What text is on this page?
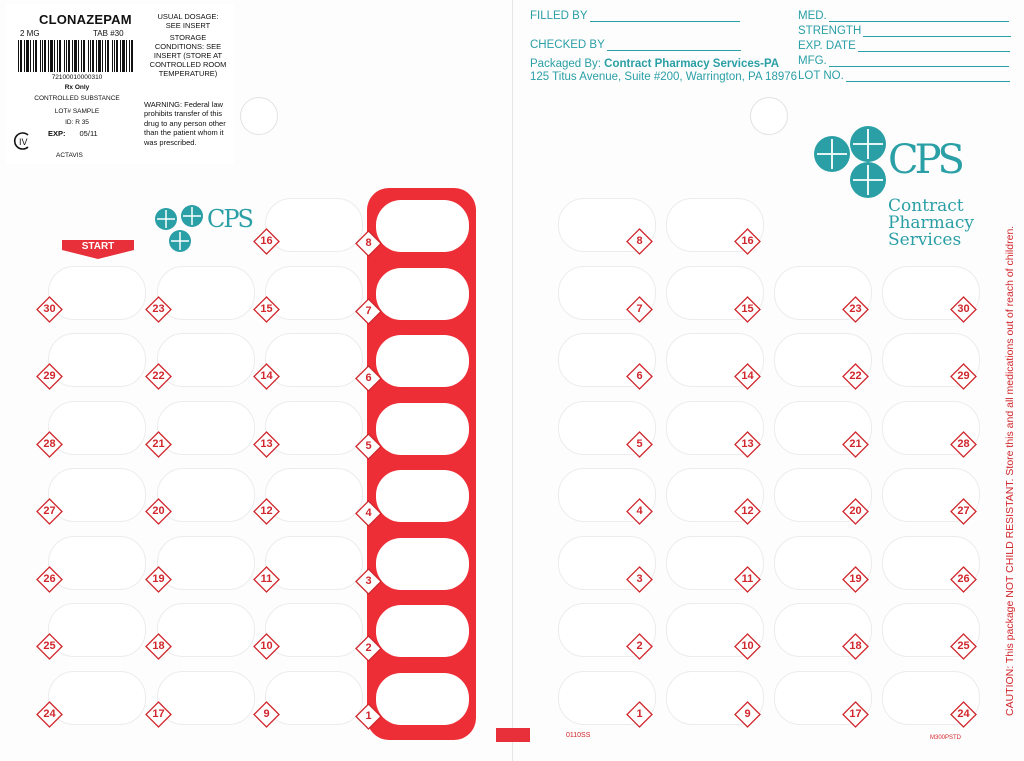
CLONAZEPAM
2 MG	TAB #30
72100010000310
Rx Only
CONTROLLED SUBSTANCE
LOT# SAMPLE
ID: R 35
IV
EXP: 05/11
ACTAVIS
USUAL DOSAGE: SEE INSERT
STORAGE CONDITIONS: SEE INSERT (STORE AT CONTROLLED ROOM TEMPERATURE)
WARNING: Federal law prohibits transfer of this drug to any person other than the patient whom it was prescribed.
FILLED BY
CHECKED BY
Packaged By: Contract Pharmacy Services-PA
125 Titus Avenue, Suite #200, Warrington, PA 18976
MED.
STRENGTH
EXP. DATE
MFG.
LOT NO.
CPS
CPS
Contract
Pharmacy
Services
START
30
29
28
27
26
25
24
23
22
21
20
19
18
17
16
15
14
13
12
11
10
9
8
7
6
5
4
3
2
1
8
7
6
5
4
3
2
1
16
15
14
13
12
11
10
9
23
22
21
20
19
18
17
30
29
28
27
26
25
24
0110SS	M300PSTD
CAUTION: This package NOT CHILD RESISTANT. Store this and all medications out of reach of children.
